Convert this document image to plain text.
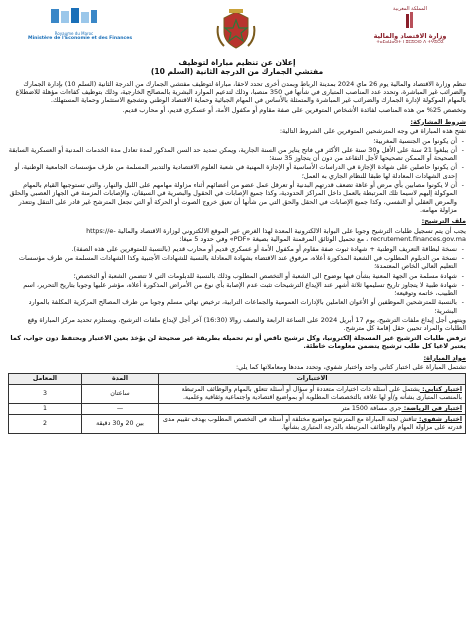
Royaume du Maroc
Ministère de l'Economie et des Finances
المملكة المغربية
وزارة الاقتصاد والمالية
ⵜⴰⵎⴰⵡⴰⵙⵜ ⵏ ⵓⵎⵓⵔⵙ ⴷ ⵜⵖⵓⵔⵉ
إعلان عن تنظيم مباراة لتوظيف
مفتشي الجمارك من الدرجة الثانية (السلم 10)

تنظم وزارة الاقتصاد والمالية يوم 26 ماي 2024 بمدينة الرباط وبمدن أخرى تحدد لاحقا، مباراة لتوظيف مفتشي الجمارك من الدرجة الثانية (السلم 10) بإدارة الجمارك والضرائب غير المباشرة، وتحدد عدد المناصب المتبارى في شأنها في 350 منصبا، وذلك لتدعيم الموارد البشرية بالمصالح الخارجية، وذلك بتوظيف كفاءات مؤهلة للاضطلاع بالمهام الموكولة لإدارة الجمارك والضرائب غير المباشرة والمتمثلة بالأساس في المهام الجبائية وحماية الاقتصاد الوطني وتشجيع الاستثمار وحماية المستهلك.

وتخصص 25% من هذه المناصب لفائدة الأشخاص المتوفرين على صفة مقاوم أو مكفول الأمة، أو عسكري قديم، أو محارب قديم.

شروط المشاركة:

تفتح هذه المباراة في وجه المترشحين المتوفرين على الشروط التالية:

- أن يكونوا من الجنسية المغربية؛
- أن يبلغوا 21 سنة على الأقل و30 سنة على الأكثر في فاتح يناير من السنة الجارية، ويمكن تمديد حد السن المذكور لمدة تعادل مدة الخدمات المدنية أو العسكرية السابقة الصحيحة أو الممكن تصحيحها لأجل التقاعد من دون أن يتجاوز 35 سنة؛
- أن يكونوا حاصلين على شهادة الإجازة في الدراسات الأساسية أو الإجازة المهنية في شعبة العلوم الاقتصادية والتدبير المسلمة من طرف مؤسسات الجامعية الوطنية، أو إحدى الشهادات المعادلة لها طبقا للنظام الجاري به العمل؛
- أن لا يكونوا مصابين بأي مرض أو عاهة تضعف قدرتهم البدنية أو تعرقل عمل عضو من أعضائهم أثناء مزاولة مهامهم على الليل والنهار، والتي تستوجبها القيام بالمهام الموكولة إليهم لاسيما تلك المرتبطة بالعمل داخل المراكز الحدودية، وكذا جميع الإصابات في الحقول والبصرية في السيقان، والإصابات المزمنة في الجهاز العصبي والحلق والمرض العقلي أو النفسي، وكذا جميع الإصابات في الحقل والحق التي من شأنها أن تعيق خروج الصوت أو الحركة أو التي تجعل المترشح غير قادر على التنقل وتتعذر مزاولة مهامه.
ملف الترشيح:

يجب أن يتم تسجيل طلبات الترشيح وجوبا على البوابة الالكترونية المعدة لهذا الغرض عبر الموقع الالكتروني لوزارة الاقتصاد والمالية https://e-recrutement.finances.gov.ma ، مع تحميل الوثائق المرقمنة الموالية بصيغة «PDF» وفي حدود 5 ميغا:

- نسخة لبطاقة التعريف الوطنية + شهادة ثبوت صفة مقاوم أو مكفول الأمة أو عسكري قديم أو محارب قديم (بالنسبة للمتوفرين على هذه الصفة).
- نسخة من الدبلوم المطلوب في الشعبة المذكورة أعلاه، مرفوق عند الاقتضاء بشهادة المعادلة بالنسبة للشهادات الأجنبية وكذا الشهادات المسلمة من طرف مؤسسات التعليم العالي الخاص المعتمدة؛
- شهادة مسلمة من الجهة المعنية بشأن فيها بوضوح الى الشعبة أو التخصص المطلوب وذلك بالنسبة للدبلومات التي لا تتضمن الشعبة أو التخصص؛
- شهادة طبية لا يتجاوز تاريخ تسليمها ثلاثة أشهر عند الإيداع الترشيحات تثبت عدم الإصابة بأي نوع من الأمراض المذكورة أعلاه، مؤشر عليها وجوبا بتاريخ التحرير، اسم الطبيب، خاتمه وتوقيعه؛
- بالنسبة للمترشحين الموظفين أو الأعوان العاملين بالإدارات العمومية والجماعات الترابية، ترخيص نهائي مسلم وجوبا من طرف المصالح المركزية المكلفة بالموارد البشرية؛

وينتهي أجل إيداع ملفات الترشيح، يوم 17 أبريل 2024 على الساعة الرابعة والنصف زوالا (16:30) آخر أجل لإيداع ملفات الترشيح، ويستلزم تحديد مركز المباراة وقع الطلبات والمراد تحيين حقل إقامة كل مترشح.

ترفض طلبات الترشيح غير المسجلة إلكترونيا، وكل ترشيح ناقص أو تم تحميله بطريقة غير صحيحة لن يؤخذ بعين الاعتبار وبحتفظ دون جواب، كما يعتبر لاغيا كل طلب ترشيح يتضمن معلومات خاطئة.

مواد المباراة:

تشتمل المباراة على اختبار كتابي واحد واختبار شفوي، وتحدد مددها ومعاملاتها كما يلي:

الاختبارات	المدة	المعامل
اختبار كتابي: يشتمل على أسئلة ذات اختيارات متعددة أو سؤال أو أسئلة تتعلق بالمهام والوظائف المرتبطة بالمنصب المتبارى بشأنه و/أو لها علاقة بالتخصصات المطلوبة أو بمواضيع اقتصادية واجتماعية وثقافية وعلمية.	ساعتان	3
اختبار في الرياضة: جري مسافة 1500 متر	—	1
اختبار شفوي: تناقش لجنة المباراة مع المترشح مواضيع مختلفة أو أسئلة في التخصص المطلوب بهدف تقييم مدى قدرته على مزاولة المهام والوظائف المرتبطة بالدرجة المتبارى بشأنها.	بين 20 و30 دقيقة	2
